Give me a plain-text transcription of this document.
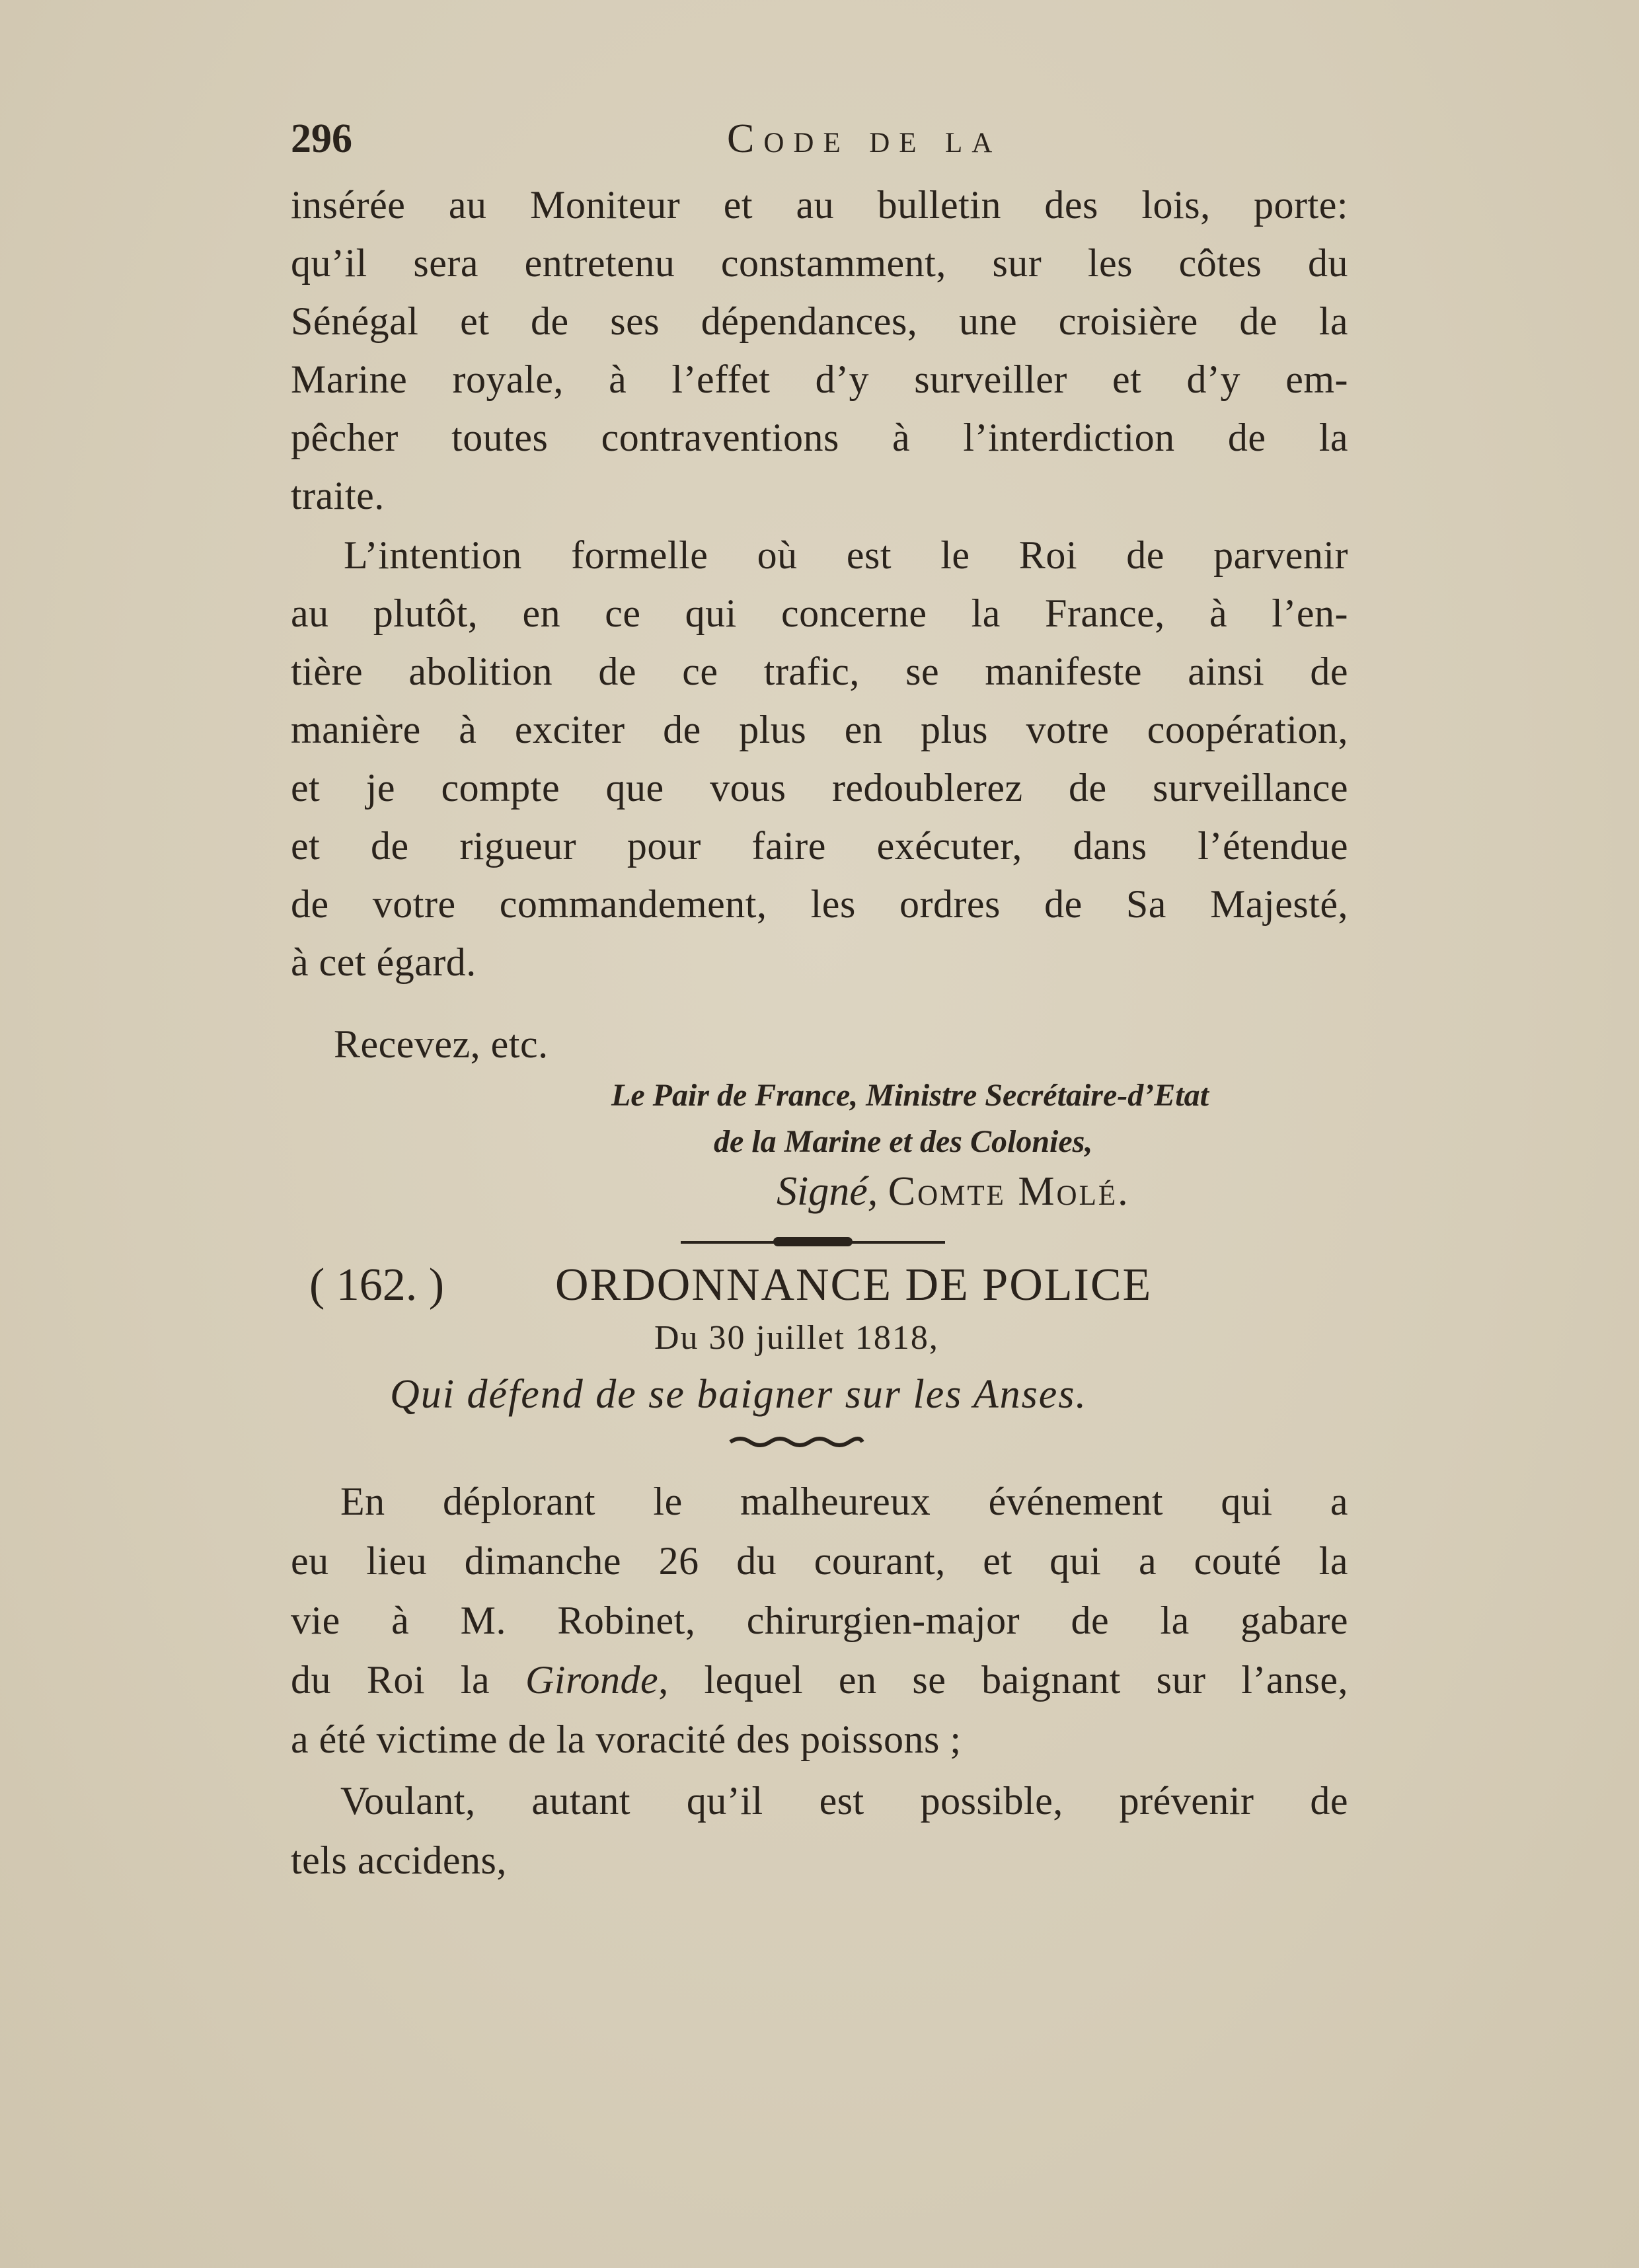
296	Code de la
insérée au Moniteur et au bulletin des lois, porte:
qu’il sera entretenu constamment, sur les côtes du
Sénégal et de ses dépendances, une croisière de la
Marine royale, à l’effet d’y surveiller et d’y em-
pêcher toutes contraventions à l’interdiction de la
traite.
L’intention formelle où est le Roi de parvenir
au plutôt, en ce qui concerne la France, à l’en-
tière abolition de ce trafic, se manifeste ainsi de
manière à exciter de plus en plus votre coopération,
et je compte que vous redoublerez de surveillance
et de rigueur pour faire exécuter, dans l’étendue
de votre commandement, les ordres de Sa Majesté,
à cet égard.
Recevez, etc.
Le Pair de France, Ministre Secrétaire-d’Etat
de la Marine et des Colonies,
Signé, Comte Molé.
( 162. ) ORDONNANCE DE POLICE
Du 30 juillet 1818,
Qui défend de se baigner sur les Anses.
En déplorant le malheureux événement qui a
eu lieu dimanche 26 du courant, et qui a couté la
vie à M. Robinet, chirurgien-major de la gabare
du Roi la Gironde, lequel en se baignant sur l’anse,
a été victime de la voracité des poissons ;
Voulant, autant qu’il est possible, prévenir de
tels accidens,
